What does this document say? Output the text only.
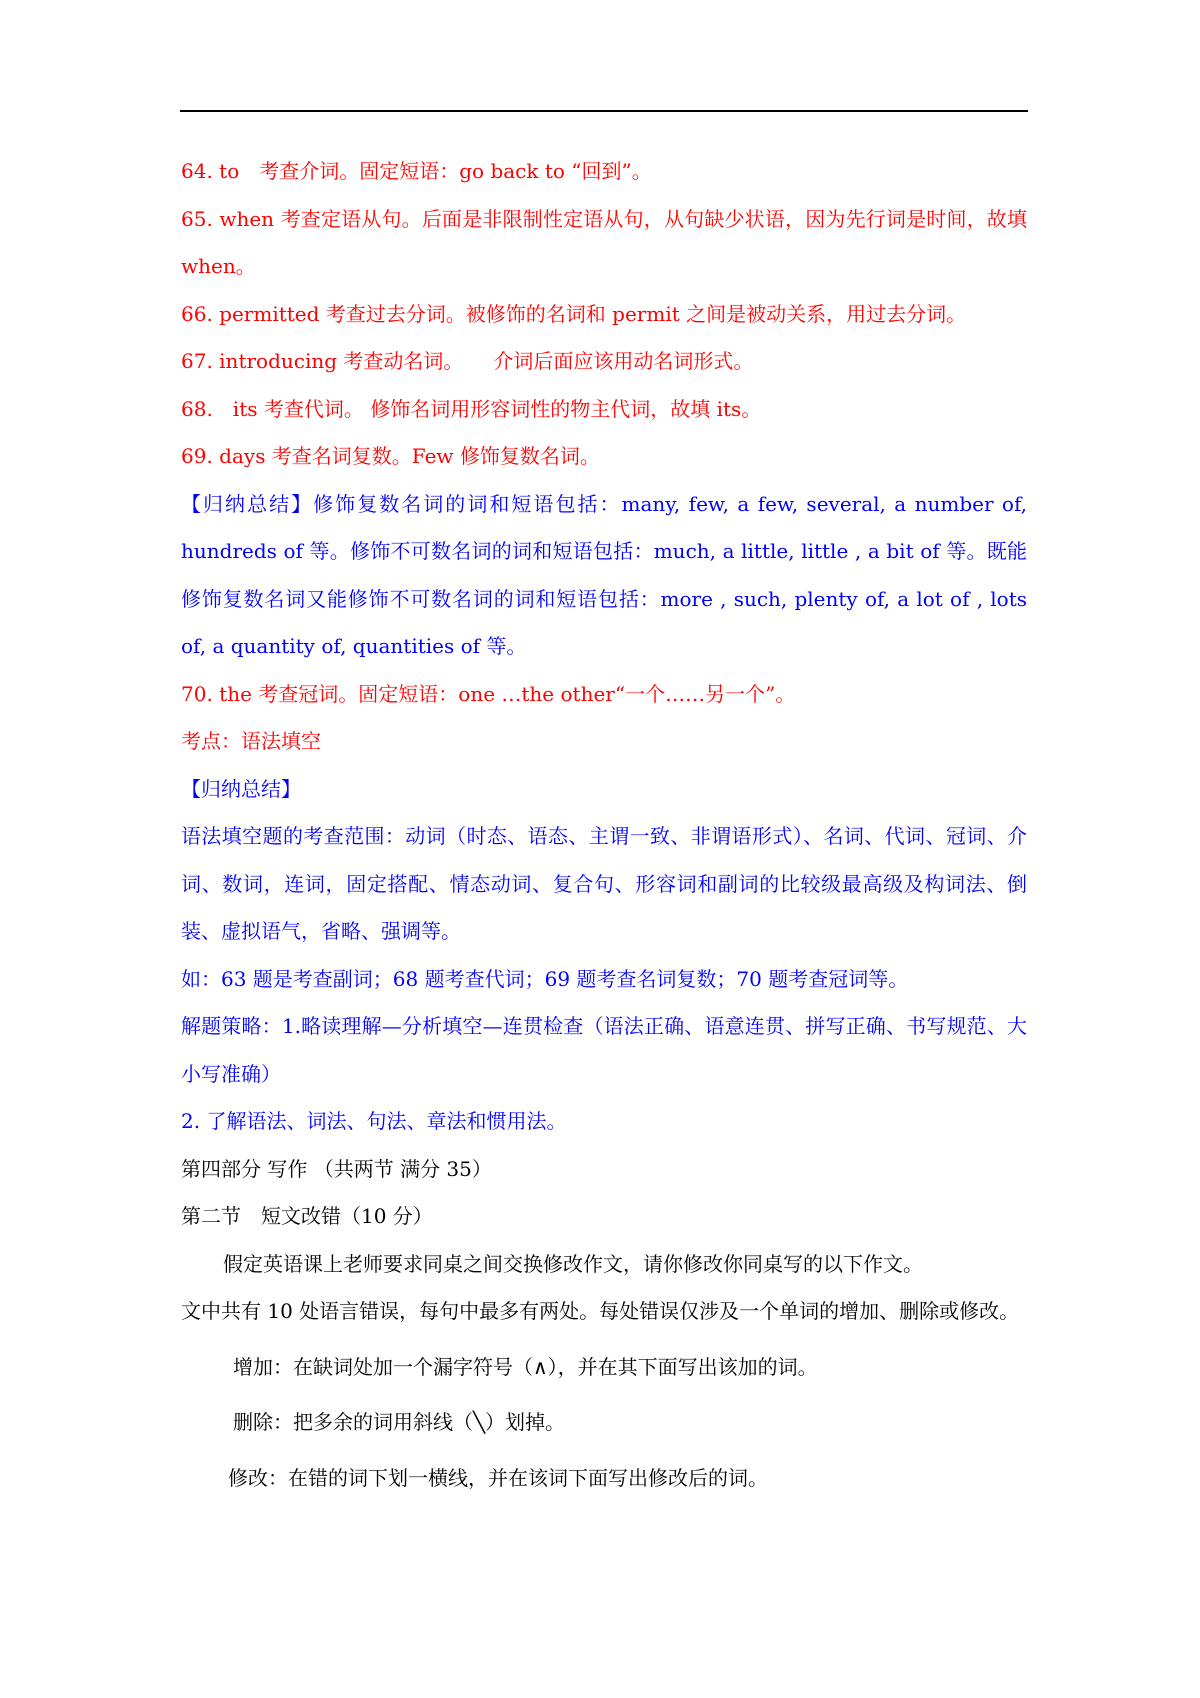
64. to　考查介词。固定短语：go back to “回到”。

65. when 考查定语从句。后面是非限制性定语从句，从句缺少状语，因为先行词是时间，故填 when。

66. permitted 考查过去分词。被修饰的名词和 permit 之间是被动关系，用过去分词。

67. introducing 考查动名词。　　介词后面应该用动名词形式。

68.　its 考查代词。 修饰名词用形容词性的物主代词，故填 its。

69. days 考查名词复数。Few 修饰复数名词。

【归纳总结】修饰复数名词的词和短语包括：many, few, a few, several, a number of, hundreds of 等。修饰不可数名词的词和短语包括：much, a little, little , a bit of 等。既能修饰复数名词又能修饰不可数名词的词和短语包括：more , such, plenty of, a lot of , lots of, a quantity of, quantities of 等。

70. the 考查冠词。固定短语：one …the other“一个……另一个”。

考点：语法填空

【归纳总结】

语法填空题的考查范围：动词（时态、语态、主谓一致、非谓语形式）、名词、代词、冠词、介词、数词，连词，固定搭配、情态动词、复合句、形容词和副词的比较级最高级及构词法、倒装、虚拟语气，省略、强调等。

如：63 题是考查副词；68 题考查代词；69 题考查名词复数；70 题考查冠词等。

解题策略：1.略读理解—分析填空—连贯检查（语法正确、语意连贯、拼写正确、书写规范、大小写准确）

2. 了解语法、词法、句法、章法和惯用法。

第四部分 写作 （共两节 满分 35）

第二节　短文改错（10 分）

假定英语课上老师要求同桌之间交换修改作文，请你修改你同桌写的以下作文。

文中共有 10 处语言错误，每句中最多有两处。每处错误仅涉及一个单词的增加、删除或修改。

增加：在缺词处加一个漏字符号（∧），并在其下面写出该加的词。

删除：把多余的词用斜线（╲）划掉。

修改：在错的词下划一横线，并在该词下面写出修改后的词。
